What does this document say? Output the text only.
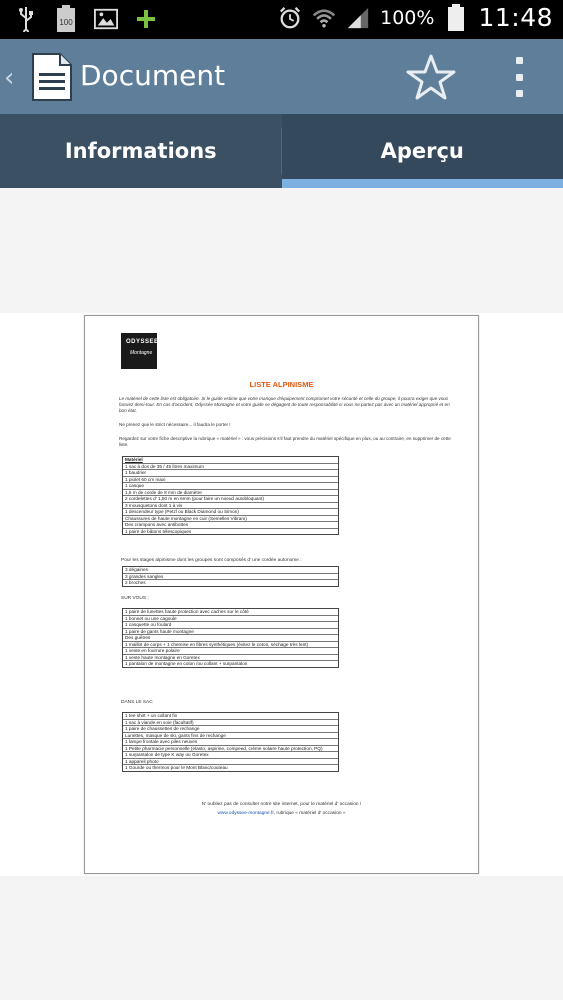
100	100% 11:48
‹ Document
Informations	Aperçu
ODYSSEE
Montagne
LISTE ALPINISME
Le matériel de cette liste est obligatoire. Si le guide estime que votre manque d'équipement compromet votre sécurité et celle du groupe, il pourra exiger que vous fassiez demi-tour. En cas d'accident, Odyssée Montagne et votre guide se dégagent de toute responsabilité si vous ne partez pas avec un matériel approprié et en bon état.
Ne prenez que le strict nécessaire... il faudra le porter !
Regardez sur votre fiche descriptive la rubrique « matériel » : vous précisions s'il faut prendre du matériel spécifique en plus, ou au contraire, en supprimer de cette liste.
Matériel
1 sac à dos de 35 / 45 litres maximum
1 baudrier
1 piolet 60 cm maxi
1 casque
1,5 m de corde de 8 mm de diamètre
2 cordelettes d' 1,50 m en 6mm (pour faire un noeud autobloquant)
3 mousquetons dont 1 à vis
1 descendeur type (Petzl ou Black Diamond ou Simon)
Chaussures de haute montagne en cuir (Semelles Vibram)
Des crampons avec antibottes
1 paire de bâtons télescopiques
Pour les stages alpinisme dont les groupes sont composés d' une cordée autonome :
3 dégaines
3 grandes sangles
2 broches
SUR VOUS :
1 paire de lunettes haute protection avec caches sur le côté
1 bonnet ou une cagoule
1 casquette ou foulard
1 paire de gants haute montagne
Des guêtres
1 maillot de corps + 1 chemise en fibres synthétiques (évitez le coton, séchage très lent)
1 veste en fourrure polaire
1 veste haute montagne en Goretex
1 pantalon de montagne en coton /ou collant + surpantalon
DANS LE SAC
1 tee shirt + un collant fin
1 sac à viande en soie (facultatif)
1 paire de chaussettes de rechange
Lunettes, masque de ski, gants fins de rechange
1 lampe frontale avec piles neuves
1 Petite pharmacie personnelle (elasto, aspirine, compeed, crème solaire haute protection, PQ)
1 surpantalon de type K way ou Goretex
1 appareil photo
1 Gourde ou thermos pour le Mont Blanc/couteau
N' oubliez pas de consulter notre site internet, pour le matériel d' occasion !
www.odyssee-montagne.fr, rubrique « matériel d' occasion »
